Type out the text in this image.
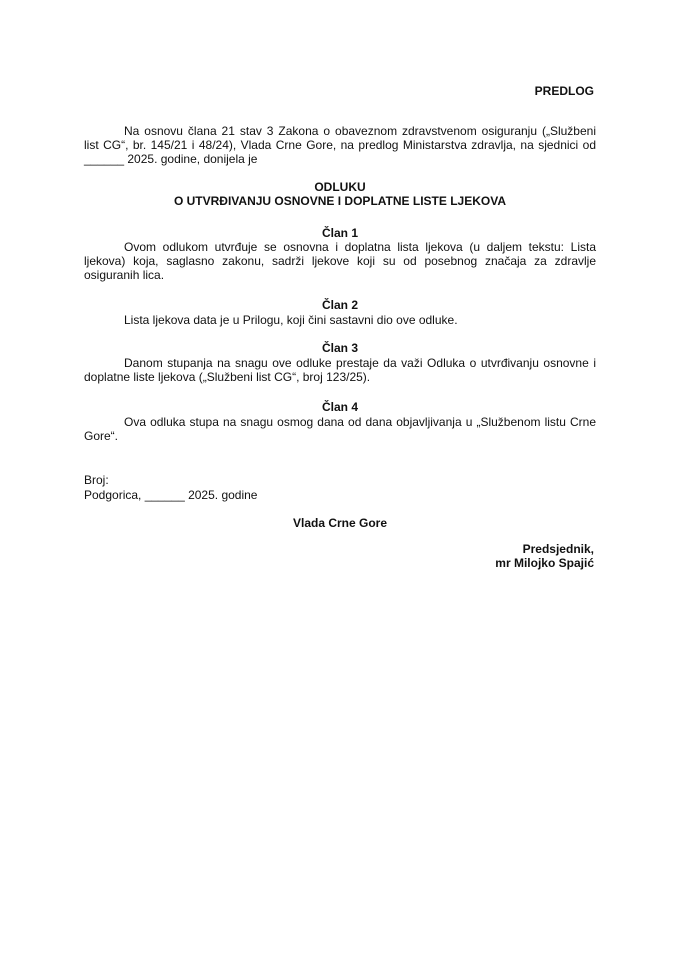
PREDLOG
Na osnovu člana 21 stav 3 Zakona o obaveznom zdravstvenom osiguranju („Službeni list CG“, br. 145/21 i 48/24), Vlada Crne Gore, na predlog Ministarstva zdravlja, na sjednici od ______ 2025. godine, donijela je
ODLUKU
O UTVRĐIVANJU OSNOVNE I DOPLATNE LISTE LJEKOVA
Član 1
Ovom odlukom utvrđuje se osnovna i doplatna lista ljekova (u daljem tekstu: Lista ljekova) koja, saglasno zakonu, sadrži ljekove koji su od posebnog značaja za zdravlje osiguranih lica.
Član 2
Lista ljekova data je u Prilogu, koji čini sastavni dio ove odluke.
Član 3
Danom stupanja na snagu ove odluke prestaje da važi Odluka o utvrđivanju osnovne i doplatne liste ljekova („Službeni list CG“, broj 123/25).
Član 4
Ova odluka stupa na snagu osmog dana od dana objavljivanja u „Službenom listu Crne Gore“.
Broj:
Podgorica, ______ 2025. godine
Vlada Crne Gore
Predsjednik,
mr Milojko Spajić
